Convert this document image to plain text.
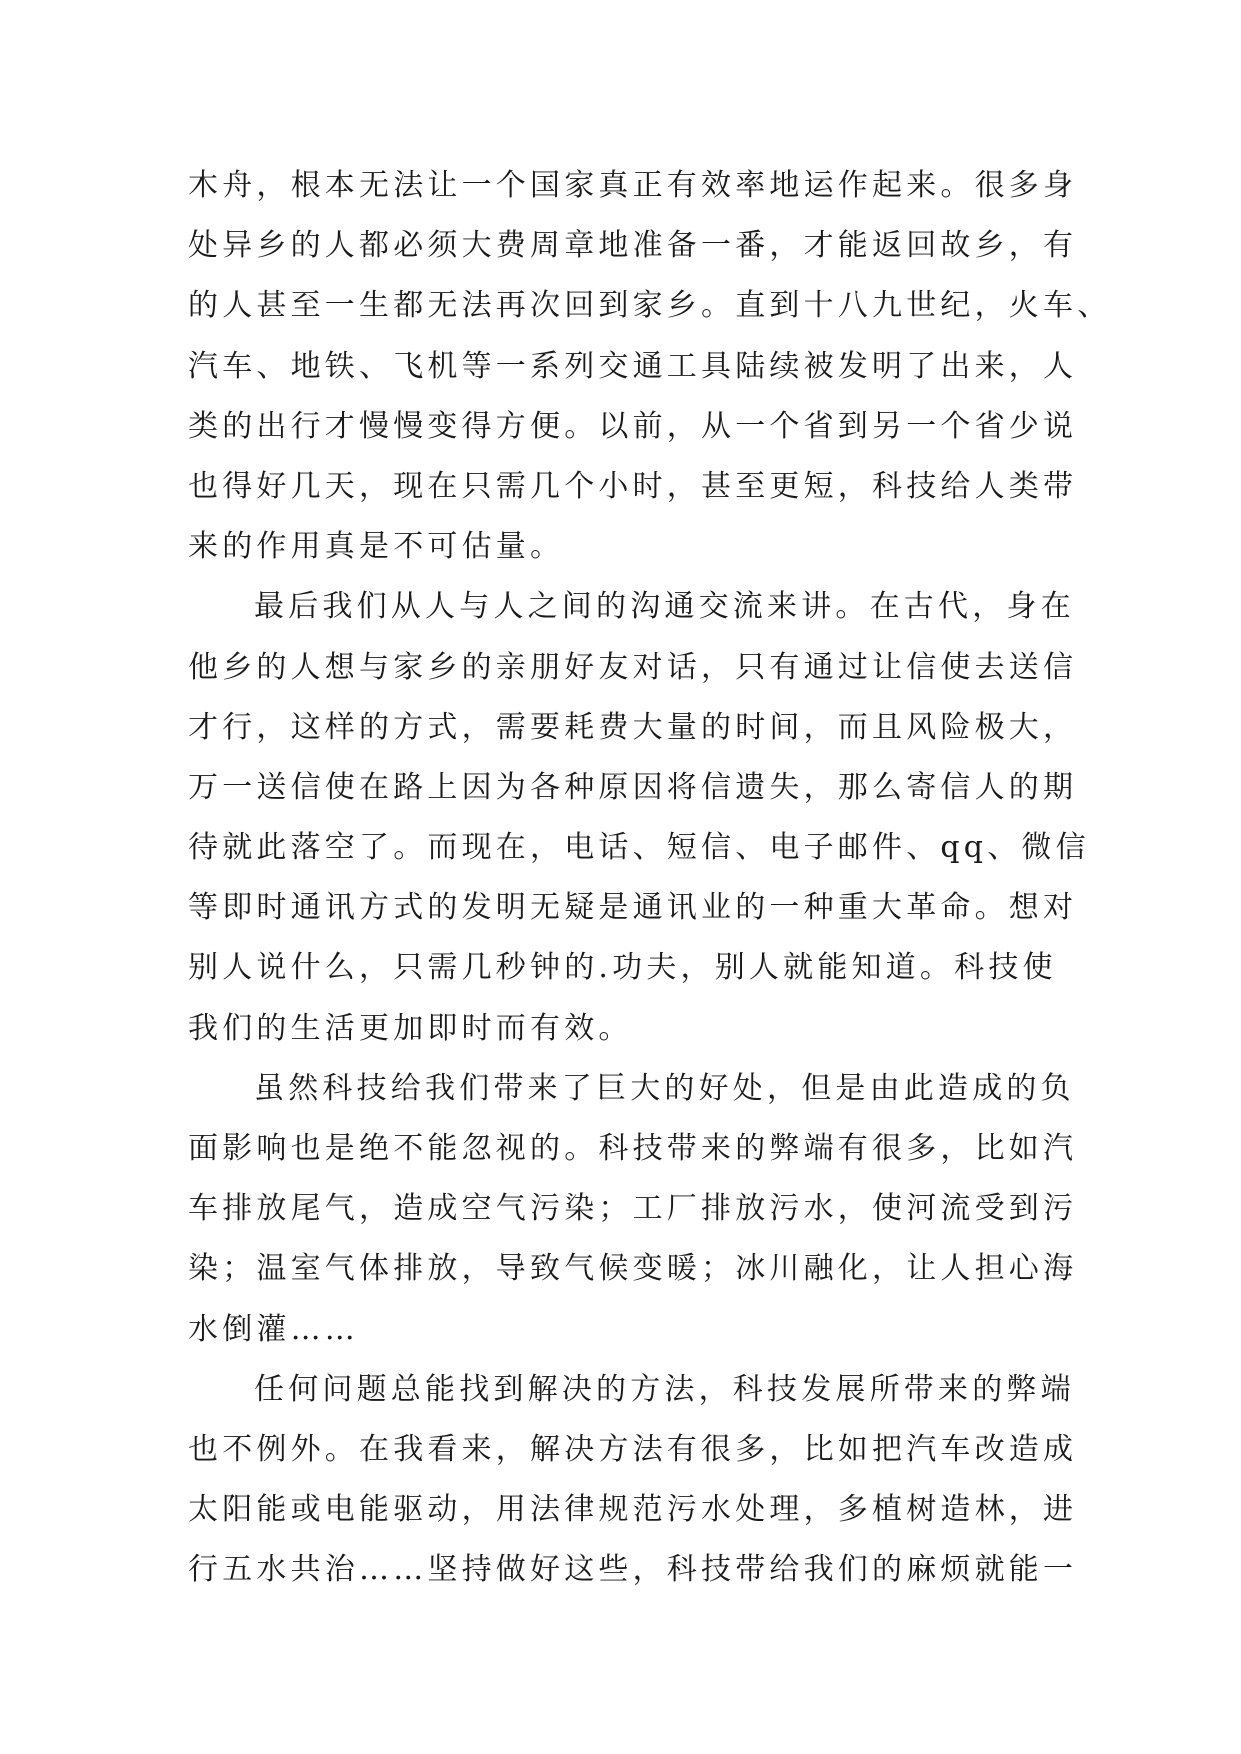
木舟，根本无法让一个国家真正有效率地运作起来。很多身
处异乡的人都必须大费周章地准备一番，才能返回故乡，有
的人甚至一生都无法再次回到家乡。直到十八九世纪，火车、
汽车、地铁、飞机等一系列交通工具陆续被发明了出来，人
类的出行才慢慢变得方便。以前，从一个省到另一个省少说
也得好几天，现在只需几个小时，甚至更短，科技给人类带
来的作用真是不可估量。
最后我们从人与人之间的沟通交流来讲。在古代，身在
他乡的人想与家乡的亲朋好友对话，只有通过让信使去送信
才行，这样的方式，需要耗费大量的时间，而且风险极大，
万一送信使在路上因为各种原因将信遗失，那么寄信人的期
待就此落空了。而现在，电话、短信、电子邮件、qq、微信
等即时通讯方式的发明无疑是通讯业的一种重大革命。想对
别人说什么，只需几秒钟的.功夫，别人就能知道。科技使
我们的生活更加即时而有效。
虽然科技给我们带来了巨大的好处，但是由此造成的负
面影响也是绝不能忽视的。科技带来的弊端有很多，比如汽
车排放尾气，造成空气污染；工厂排放污水，使河流受到污
染；温室气体排放，导致气候变暖；冰川融化，让人担心海
水倒灌……
任何问题总能找到解决的方法，科技发展所带来的弊端
也不例外。在我看来，解决方法有很多，比如把汽车改造成
太阳能或电能驱动，用法律规范污水处理，多植树造林，进
行五水共治……坚持做好这些，科技带给我们的麻烦就能一
